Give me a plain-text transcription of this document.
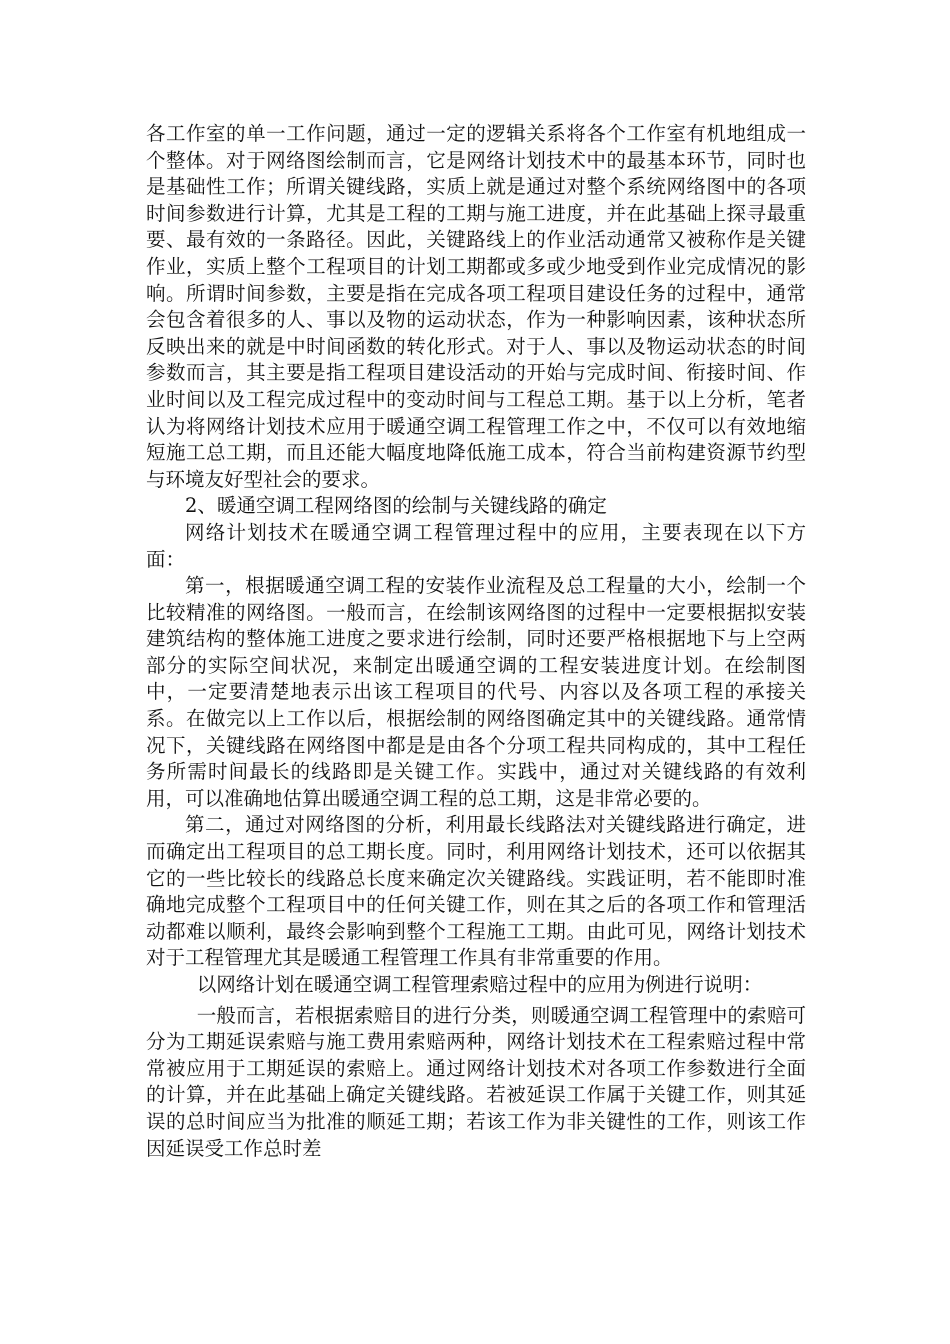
各工作室的单一工作问题，通过一定的逻辑关系将各个工作室有机地组成一个整体。对于网络图绘制而言，它是网络计划技术中的最基本环节，同时也是基础性工作；所谓关键线路，实质上就是通过对整个系统网络图中的各项时间参数进行计算，尤其是工程的工期与施工进度，并在此基础上探寻最重要、最有效的一条路径。因此，关键路线上的作业活动通常又被称作是关键作业，实质上整个工程项目的计划工期都或多或少地受到作业完成情况的影响。所谓时间参数，主要是指在完成各项工程项目建设任务的过程中，通常会包含着很多的人、事以及物的运动状态，作为一种影响因素，该种状态所反映出来的就是中时间函数的转化形式。对于人、事以及物运动状态的时间参数而言，其主要是指工程项目建设活动的开始与完成时间、衔接时间、作业时间以及工程完成过程中的变动时间与工程总工期。基于以上分析，笔者认为将网络计划技术应用于暖通空调工程管理工作之中，不仅可以有效地缩短施工总工期，而且还能大幅度地降低施工成本，符合当前构建资源节约型与环境友好型社会的要求。

2、暖通空调工程网络图的绘制与关键线路的确定

网络计划技术在暖通空调工程管理过程中的应用，主要表现在以下方面：

第一，根据暖通空调工程的安装作业流程及总工程量的大小，绘制一个比较精准的网络图。一般而言，在绘制该网络图的过程中一定要根据拟安装建筑结构的整体施工进度之要求进行绘制，同时还要严格根据地下与上空两部分的实际空间状况，来制定出暖通空调的工程安装进度计划。在绘制图中，一定要清楚地表示出该工程项目的代号、内容以及各项工程的承接关系。在做完以上工作以后，根据绘制的网络图确定其中的关键线路。通常情况下，关键线路在网络图中都是是由各个分项工程共同构成的，其中工程任务所需时间最长的线路即是关键工作。实践中，通过对关键线路的有效利用，可以准确地估算出暖通空调工程的总工期，这是非常必要的。

第二，通过对网络图的分析，利用最长线路法对关键线路进行确定，进而确定出工程项目的总工期长度。同时，利用网络计划技术，还可以依据其它的一些比较长的线路总长度来确定次关键路线。实践证明，若不能即时准确地完成整个工程项目中的任何关键工作，则在其之后的各项工作和管理活动都难以顺利，最终会影响到整个工程施工工期。由此可见，网络计划技术对于工程管理尤其是暖通工程管理工作具有非常重要的作用。

以网络计划在暖通空调工程管理索赔过程中的应用为例进行说明：

一般而言，若根据索赔目的进行分类，则暖通空调工程管理中的索赔可分为工期延误索赔与施工费用索赔两种，网络计划技术在工程索赔过程中常常被应用于工期延误的索赔上。通过网络计划技术对各项工作参数进行全面的计算，并在此基础上确定关键线路。若被延误工作属于关键工作，则其延误的总时间应当为批准的顺延工期；若该工作为非关键性的工作，则该工作因延误受工作总时差
